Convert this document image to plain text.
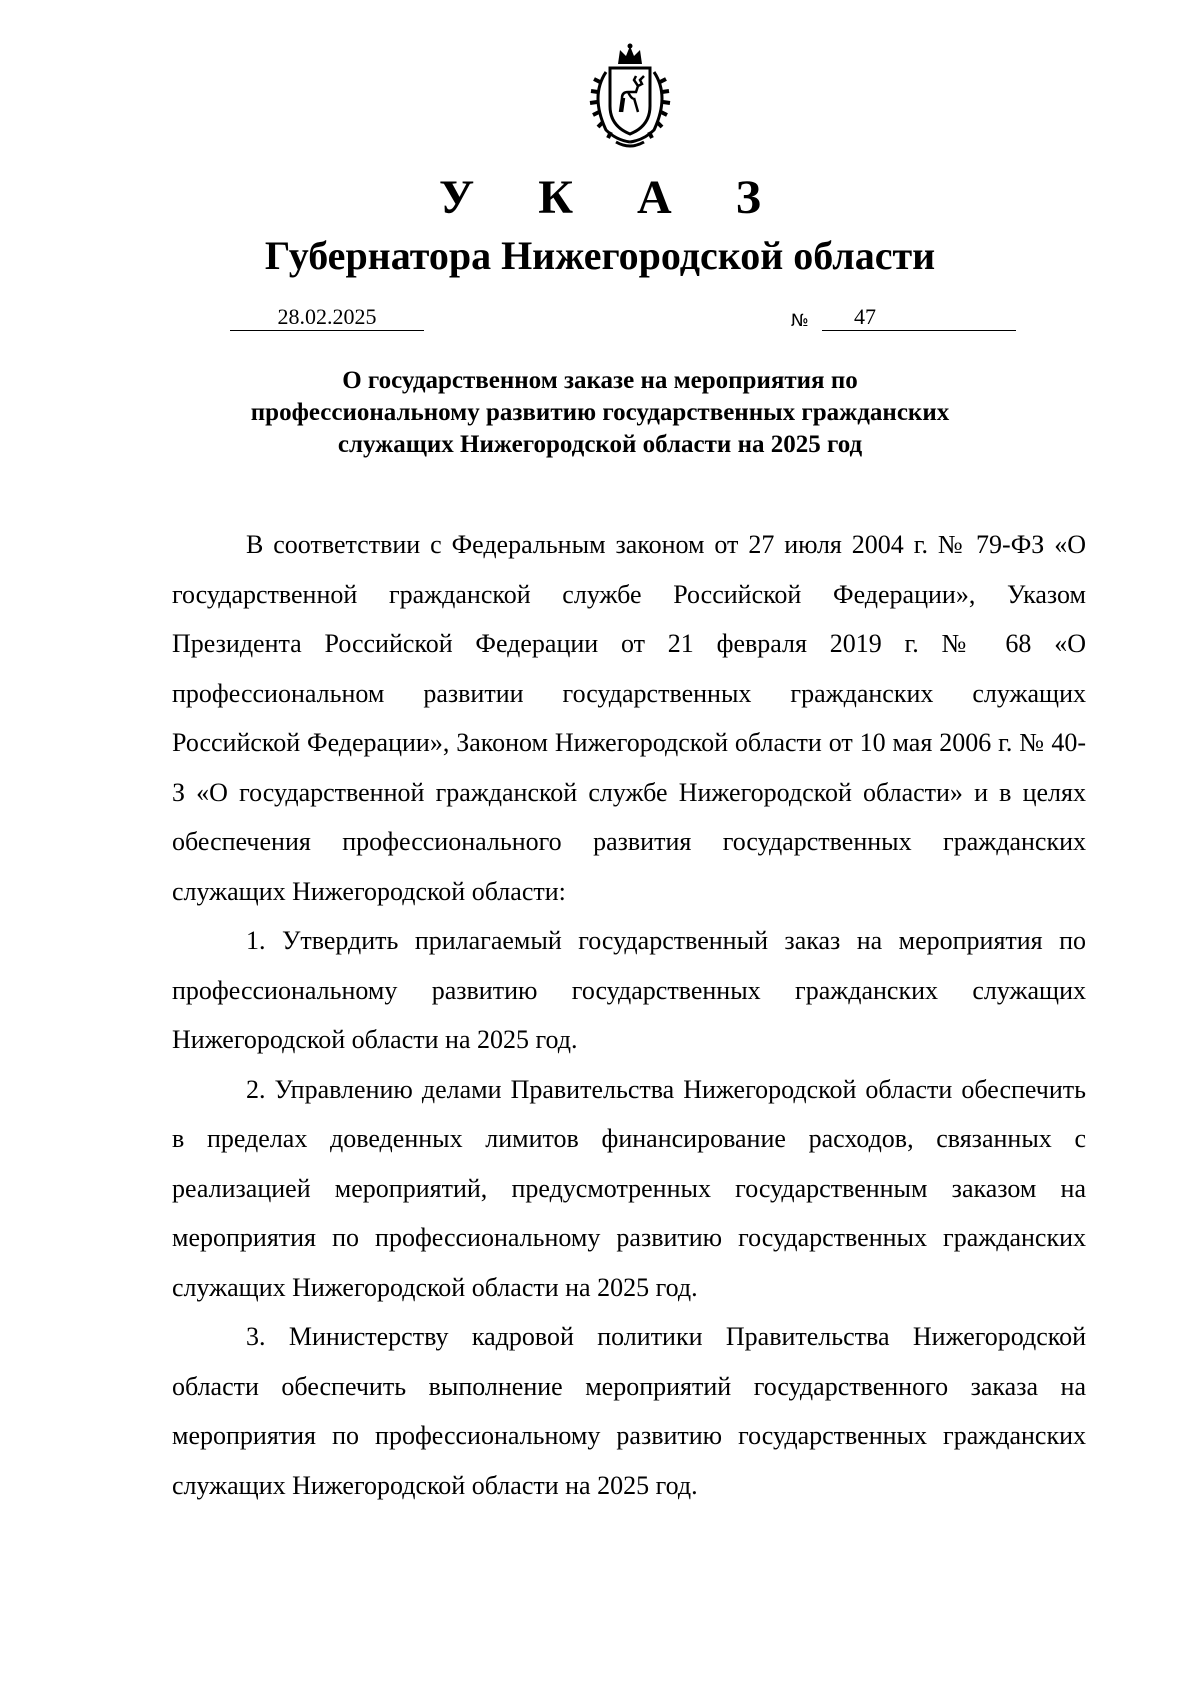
У К А З
Губернатора Нижегородской области
28.02.2025	№	47
О государственном заказе на мероприятия по
профессиональному развитию государственных гражданских
служащих Нижегородской области на 2025 год

В соответствии с Федеральным законом от 27 июля 2004 г. № 79-ФЗ «О государственной гражданской службе Российской Федерации», Указом Президента Российской Федерации от 21 февраля 2019 г. № 68 «О профессиональном развитии государственных гражданских служащих Российской Федерации», Законом Нижегородской области от 10 мая 2006 г. № 40-З «О государственной гражданской службе Нижегородской области» и в целях обеспечения профессионального развития государственных гражданских служащих Нижегородской области:

1. Утвердить прилагаемый государственный заказ на мероприятия по профессиональному развитию государственных гражданских служащих Нижегородской области на 2025 год.

2. Управлению делами Правительства Нижегородской области обеспечить в пределах доведенных лимитов финансирование расходов, связанных с реализацией мероприятий, предусмотренных государственным заказом на мероприятия по профессиональному развитию государственных гражданских служащих Нижегородской области на 2025 год.

3. Министерству кадровой политики Правительства Нижегородской области обеспечить выполнение мероприятий государственного заказа на мероприятия по профессиональному развитию государственных гражданских служащих Нижегородской области на 2025 год.
